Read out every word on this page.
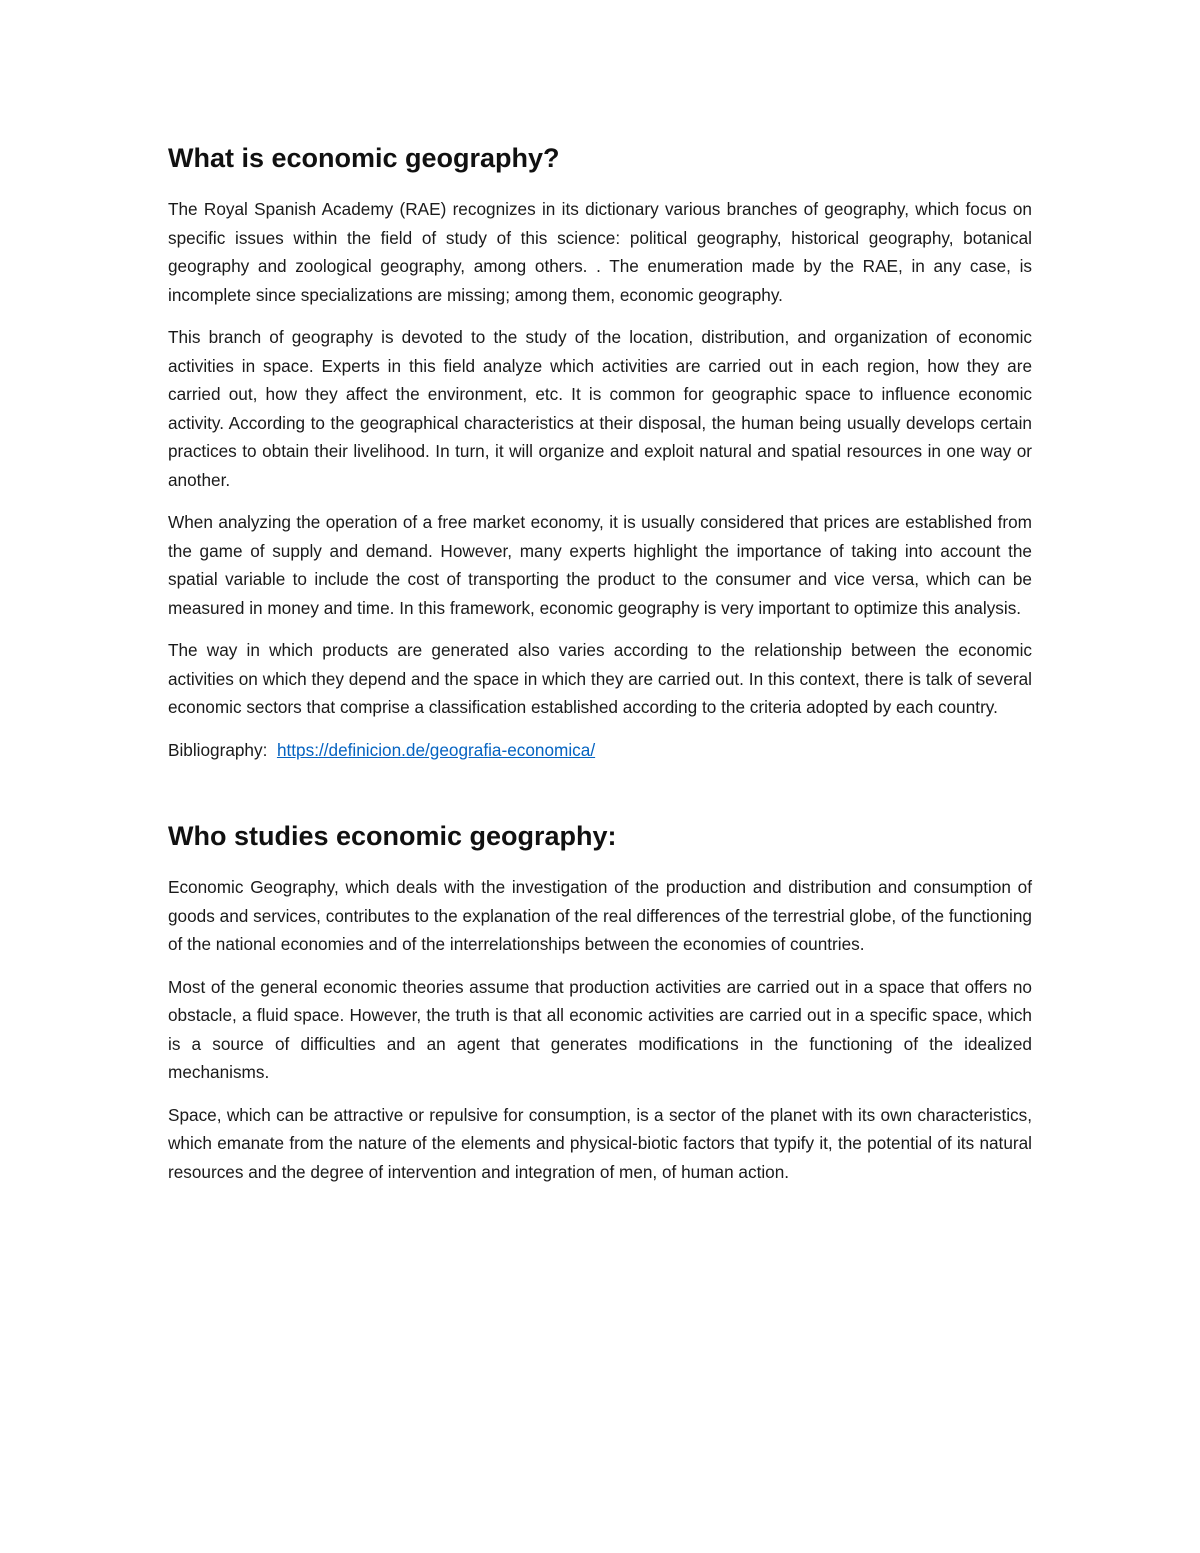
What is economic geography?

The Royal Spanish Academy (RAE) recognizes in its dictionary various branches of geography, which focus on specific issues within the field of study of this science: political geography, historical geography, botanical geography and zoological geography, among others. . The enumeration made by the RAE, in any case, is incomplete since specializations are missing; among them, economic geography.

This branch of geography is devoted to the study of the location, distribution, and organization of economic activities in space. Experts in this field analyze which activities are carried out in each region, how they are carried out, how they affect the environment, etc. It is common for geographic space to influence economic activity. According to the geographical characteristics at their disposal, the human being usually develops certain practices to obtain their livelihood. In turn, it will organize and exploit natural and spatial resources in one way or another.

When analyzing the operation of a free market economy, it is usually considered that prices are established from the game of supply and demand. However, many experts highlight the importance of taking into account the spatial variable to include the cost of transporting the product to the consumer and vice versa, which can be measured in money and time. In this framework, economic geography is very important to optimize this analysis.

The way in which products are generated also varies according to the relationship between the economic activities on which they depend and the space in which they are carried out. In this context, there is talk of several economic sectors that comprise a classification established according to the criteria adopted by each country.

Bibliography: https://definicion.de/geografia-economica/

Who studies economic geography:

Economic Geography, which deals with the investigation of the production and distribution and consumption of goods and services, contributes to the explanation of the real differences of the terrestrial globe, of the functioning of the national economies and of the interrelationships between the economies of countries.

Most of the general economic theories assume that production activities are carried out in a space that offers no obstacle, a fluid space. However, the truth is that all economic activities are carried out in a specific space, which is a source of difficulties and an agent that generates modifications in the functioning of the idealized mechanisms.

Space, which can be attractive or repulsive for consumption, is a sector of the planet with its own characteristics, which emanate from the nature of the elements and physical-biotic factors that typify it, the potential of its natural resources and the degree of intervention and integration of men, of human action.
